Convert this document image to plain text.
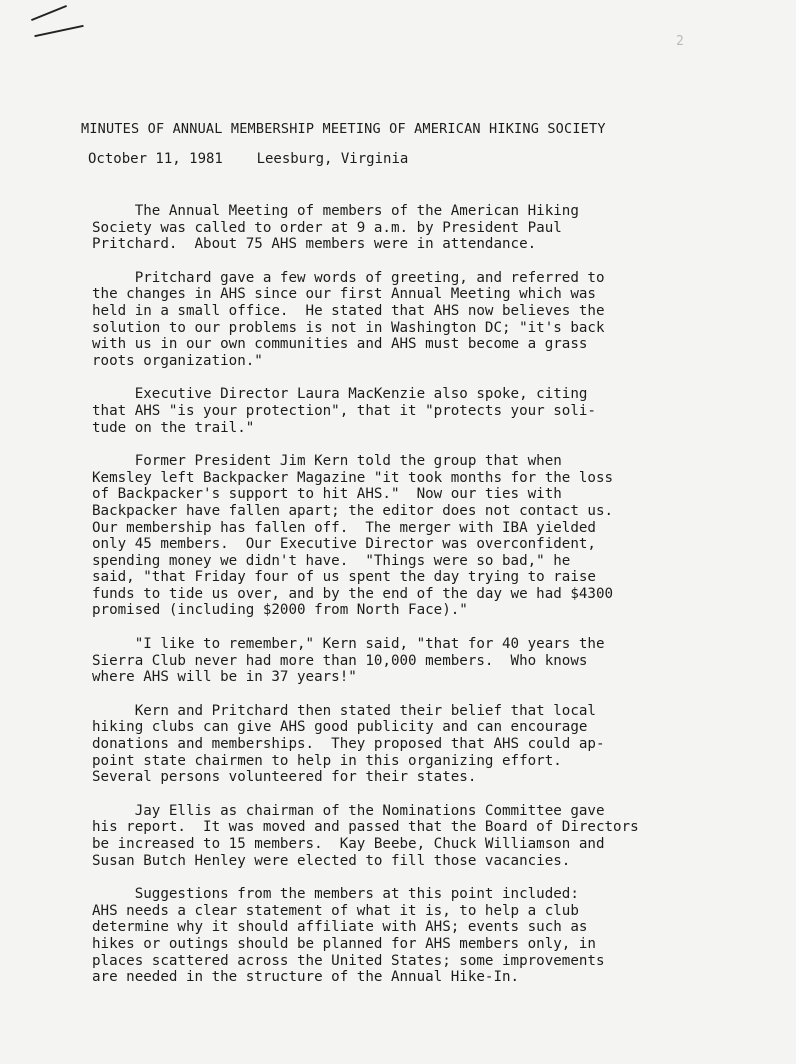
2

MINUTES OF ANNUAL MEMBERSHIP MEETING OF AMERICAN HIKING SOCIETY
October 11, 1981 Leesburg, Virginia
The Annual Meeting of members of the American Hiking
Society was called to order at 9 a.m. by President Paul
Pritchard.  About 75 AHS members were in attendance.
Pritchard gave a few words of greeting, and referred to
the changes in AHS since our first Annual Meeting which was
held in a small office.  He stated that AHS now believes the
solution to our problems is not in Washington DC; "it's back
with us in our own communities and AHS must become a grass
roots organization."
Executive Director Laura MacKenzie also spoke, citing
that AHS "is your protection", that it "protects your soli-
tude on the trail."
Former President Jim Kern told the group that when
Kemsley left Backpacker Magazine "it took months for the loss
of Backpacker's support to hit AHS."  Now our ties with
Backpacker have fallen apart; the editor does not contact us.
Our membership has fallen off.  The merger with IBA yielded
only 45 members.  Our Executive Director was overconfident,
spending money we didn't have.  "Things were so bad," he
said, "that Friday four of us spent the day trying to raise
funds to tide us over, and by the end of the day we had $4300
promised (including $2000 from North Face)."
"I like to remember," Kern said, "that for 40 years the
Sierra Club never had more than 10,000 members.  Who knows
where AHS will be in 37 years!"
Kern and Pritchard then stated their belief that local
hiking clubs can give AHS good publicity and can encourage
donations and memberships.  They proposed that AHS could ap-
point state chairmen to help in this organizing effort.
Several persons volunteered for their states.
Jay Ellis as chairman of the Nominations Committee gave
his report.  It was moved and passed that the Board of Directors
be increased to 15 members.  Kay Beebe, Chuck Williamson and
Susan Butch Henley were elected to fill those vacancies.
Suggestions from the members at this point included:
AHS needs a clear statement of what it is, to help a club
determine why it should affiliate with AHS; events such as
hikes or outings should be planned for AHS members only, in
places scattered across the United States; some improvements
are needed in the structure of the Annual Hike-In.
